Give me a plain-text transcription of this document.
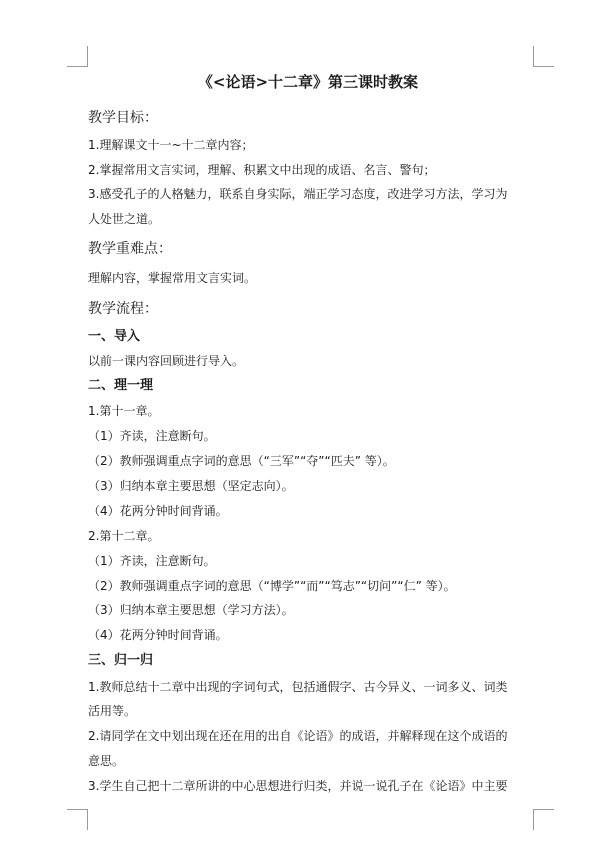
《<论语>十二章》第三课时教案
教学目标：
1.理解课文十一~十二章内容；
2.掌握常用文言实词，理解、积累文中出现的成语、名言、警句；
3.感受孔子的人格魅力，联系自身实际，端正学习态度，改进学习方法，学习为
人处世之道。
教学重难点：
理解内容，掌握常用文言实词。
教学流程：
一、导入
以前一课内容回顾进行导入。
二、理一理
1.第十一章。
（1）齐读，注意断句。
（2）教师强调重点字词的意思（“三军”“夺”“匹夫” 等）。
（3）归纳本章主要思想（坚定志向）。
（4）花两分钟时间背诵。
2.第十二章。
（1）齐读，注意断句。
（2）教师强调重点字词的意思（“博学”“而”“笃志”“切问”“仁” 等）。
（3）归纳本章主要思想（学习方法）。
（4）花两分钟时间背诵。
三、归一归
1.教师总结十二章中出现的字词句式，包括通假字、古今异义、一词多义、词类
活用等。
2.请同学在文中划出现在还在用的出自《论语》的成语，并解释现在这个成语的
意思。
3.学生自己把十二章所讲的中心思想进行归类，并说一说孔子在《论语》中主要
